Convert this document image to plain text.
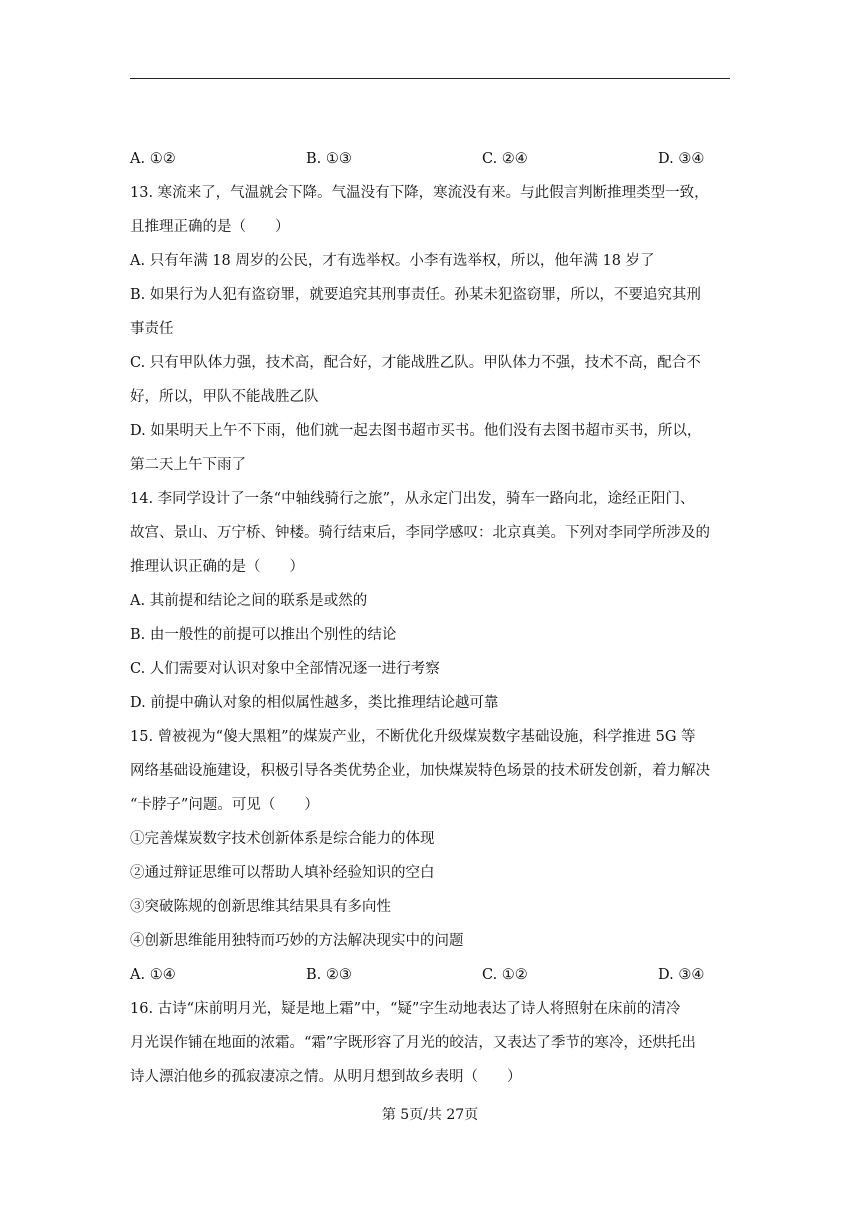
A. ①②	B. ①③	C. ②④	D. ③④
13. 寒流来了，气温就会下降。气温没有下降，寒流没有来。与此假言判断推理类型一致，
且推理正确的是（　　）
A. 只有年满 18 周岁的公民，才有选举权。小李有选举权，所以，他年满 18 岁了
B. 如果行为人犯有盗窃罪，就要追究其刑事责任。孙某未犯盗窃罪，所以，不要追究其刑
事责任
C. 只有甲队体力强，技术高，配合好，才能战胜乙队。甲队体力不强，技术不高，配合不
好，所以，甲队不能战胜乙队
D. 如果明天上午不下雨，他们就一起去图书超市买书。他们没有去图书超市买书，所以，
第二天上午下雨了
14. 李同学设计了一条“中轴线骑行之旅”，从永定门出发，骑车一路向北，途经正阳门、
故宫、景山、万宁桥、钟楼。骑行结束后，李同学感叹：北京真美。下列对李同学所涉及的
推理认识正确的是（　　）
A. 其前提和结论之间的联系是或然的
B. 由一般性的前提可以推出个别性的结论
C. 人们需要对认识对象中全部情况逐一进行考察
D. 前提中确认对象的相似属性越多，类比推理结论越可靠
15. 曾被视为“傻大黑粗”的煤炭产业，不断优化升级煤炭数字基础设施，科学推进 5G 等
网络基础设施建设，积极引导各类优势企业，加快煤炭特色场景的技术研发创新，着力解决
“卡脖子”问题。可见（　　）
①完善煤炭数字技术创新体系是综合能力的体现
②通过辩证思维可以帮助人填补经验知识的空白
③突破陈规的创新思维其结果具有多向性
④创新思维能用独特而巧妙的方法解决现实中的问题
A. ①④	B. ②③	C. ①②	D. ③④
16. 古诗“床前明月光，疑是地上霜”中，“疑”字生动地表达了诗人将照射在床前的清冷
月光误作铺在地面的浓霜。“霜”字既形容了月光的皎洁，又表达了季节的寒冷，还烘托出
诗人漂泊他乡的孤寂凄凉之情。从明月想到故乡表明（　　）
第 5页/共 27页
